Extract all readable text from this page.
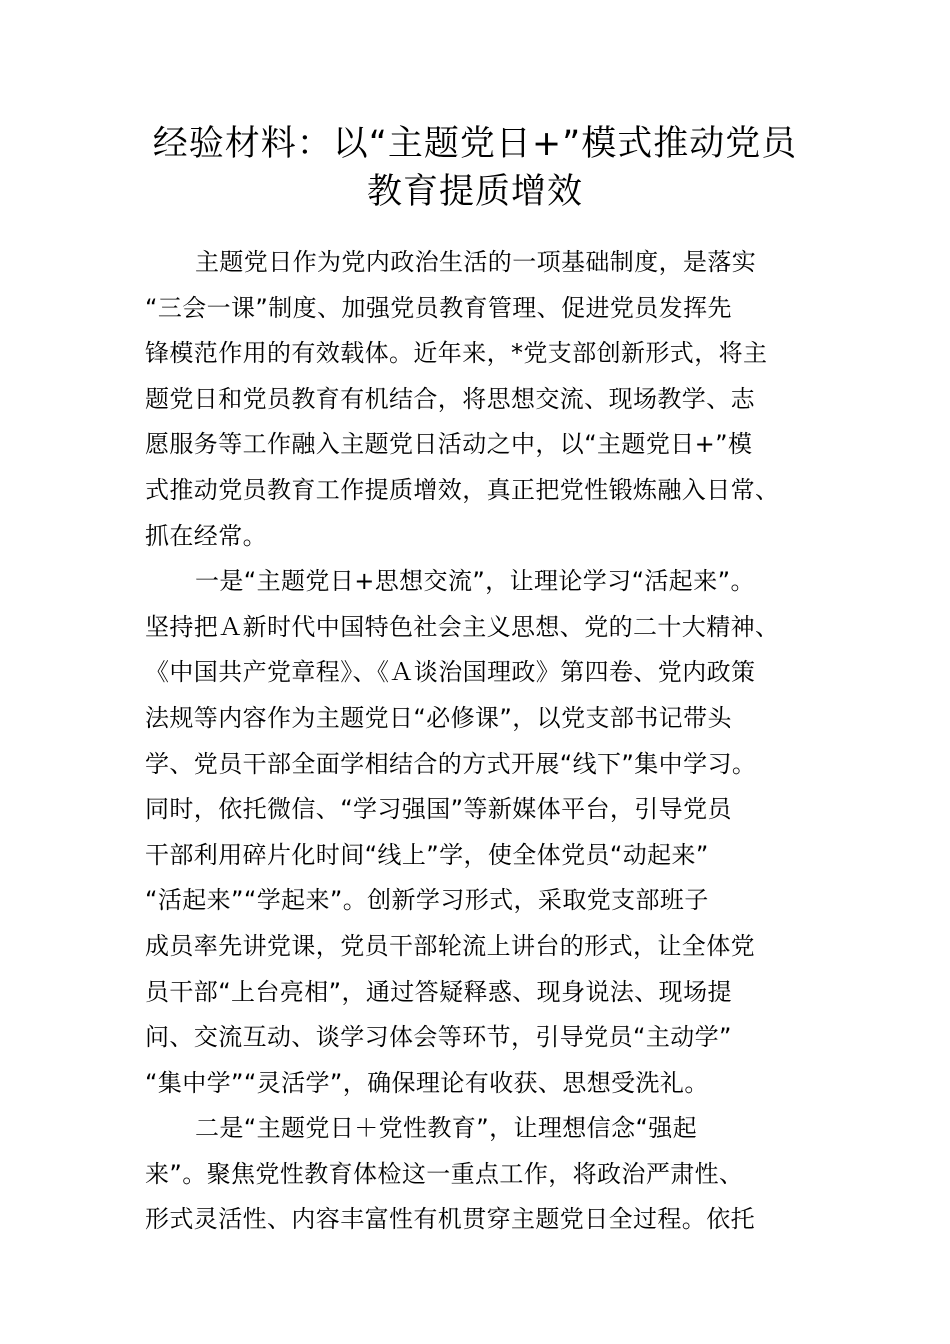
经验材料：以“主题党日+”模式推动党员
教育提质增效
主题党日作为党内政治生活的一项基础制度，是落实
“三会一课”制度、加强党员教育管理、促进党员发挥先
锋模范作用的有效载体。近年来，*党支部创新形式，将主
题党日和党员教育有机结合，将思想交流、现场教学、志
愿服务等工作融入主题党日活动之中，以“主题党日+”模
式推动党员教育工作提质增效，真正把党性锻炼融入日常、
抓在经常。
一是“主题党日+思想交流”，让理论学习“活起来”。
坚持把Ａ新时代中国特色社会主义思想、党的二十大精神、
《中国共产党章程》、《Ａ谈治国理政》第四卷、党内政策
法规等内容作为主题党日“必修课”，以党支部书记带头
学、党员干部全面学相结合的方式开展“线下”集中学习。
同时，依托微信、“学习强国”等新媒体平台，引导党员
干部利用碎片化时间“线上”学，使全体党员“动起来”
“活起来”“学起来”。创新学习形式，采取党支部班子
成员率先讲党课，党员干部轮流上讲台的形式，让全体党
员干部“上台亮相”，通过答疑释惑、现身说法、现场提
问、交流互动、谈学习体会等环节，引导党员“主动学”
“集中学”“灵活学”，确保理论有收获、思想受洗礼。
二是“主题党日＋党性教育”，让理想信念“强起
来”。聚焦党性教育体检这一重点工作，将政治严肃性、
形式灵活性、内容丰富性有机贯穿主题党日全过程。依托
